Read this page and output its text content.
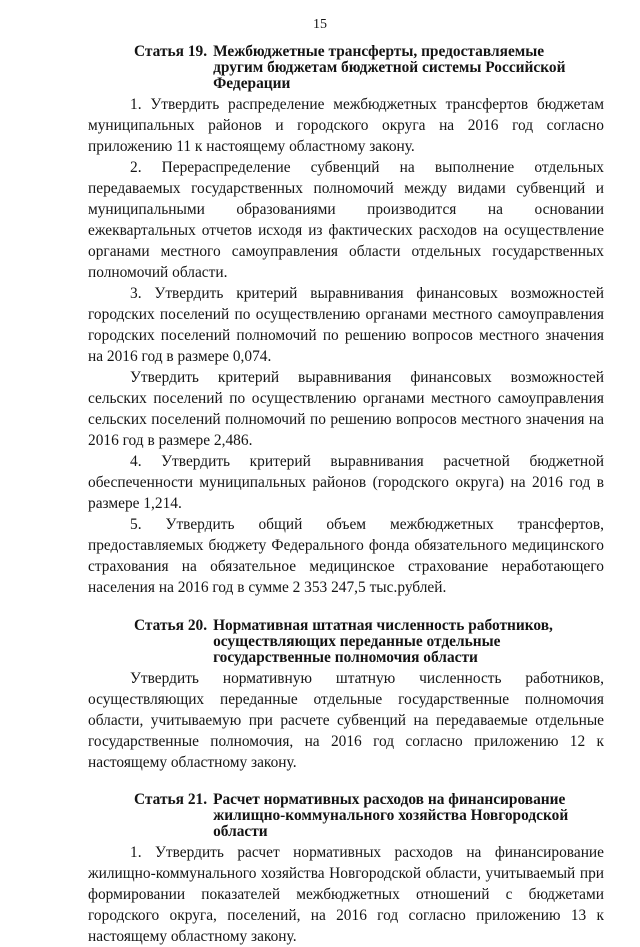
15
Статья 19. Межбюджетные трансферты, предоставляемые другим бюджетам бюджетной системы Российской Федерации

1. Утвердить распределение межбюджетных трансфертов бюджетам муниципальных районов и городского округа на 2016 год согласно приложению 11 к настоящему областному закону.

2. Перераспределение субвенций на выполнение отдельных передаваемых государственных полномочий между видами субвенций и муниципальными образованиями производится на основании ежеквартальных отчетов исходя из фактических расходов на осуществление органами местного самоуправления области отдельных государственных полномочий области.

3. Утвердить критерий выравнивания финансовых возможностей городских поселений по осуществлению органами местного самоуправления городских поселений полномочий по решению вопросов местного значения на 2016 год в размере 0,074.

Утвердить критерий выравнивания финансовых возможностей сельских поселений по осуществлению органами местного самоуправления сельских поселений полномочий по решению вопросов местного значения на 2016 год в размере 2,486.

4. Утвердить критерий выравнивания расчетной бюджетной обеспеченности муниципальных районов (городского округа) на 2016 год в размере 1,214.

5. Утвердить общий объем межбюджетных трансфертов, предоставляемых бюджету Федерального фонда обязательного медицинского страхования на обязательное медицинское страхование неработающего населения на 2016 год в сумме 2 353 247,5 тыс.рублей.

Статья 20. Нормативная штатная численность работников, осуществляющих переданные отдельные государственные полномочия области

Утвердить нормативную штатную численность работников, осуществляющих переданные отдельные государственные полномочия области, учитываемую при расчете субвенций на передаваемые отдельные государственные полномочия, на 2016 год согласно приложению 12 к настоящему областному закону.

Статья 21. Расчет нормативных расходов на финансирование жилищно-коммунального хозяйства Новгородской области

1. Утвердить расчет нормативных расходов на финансирование жилищно-коммунального хозяйства Новгородской области, учитываемый при формировании показателей межбюджетных отношений с бюджетами городского округа, поселений, на 2016 год согласно приложению 13 к настоящему областному закону.
